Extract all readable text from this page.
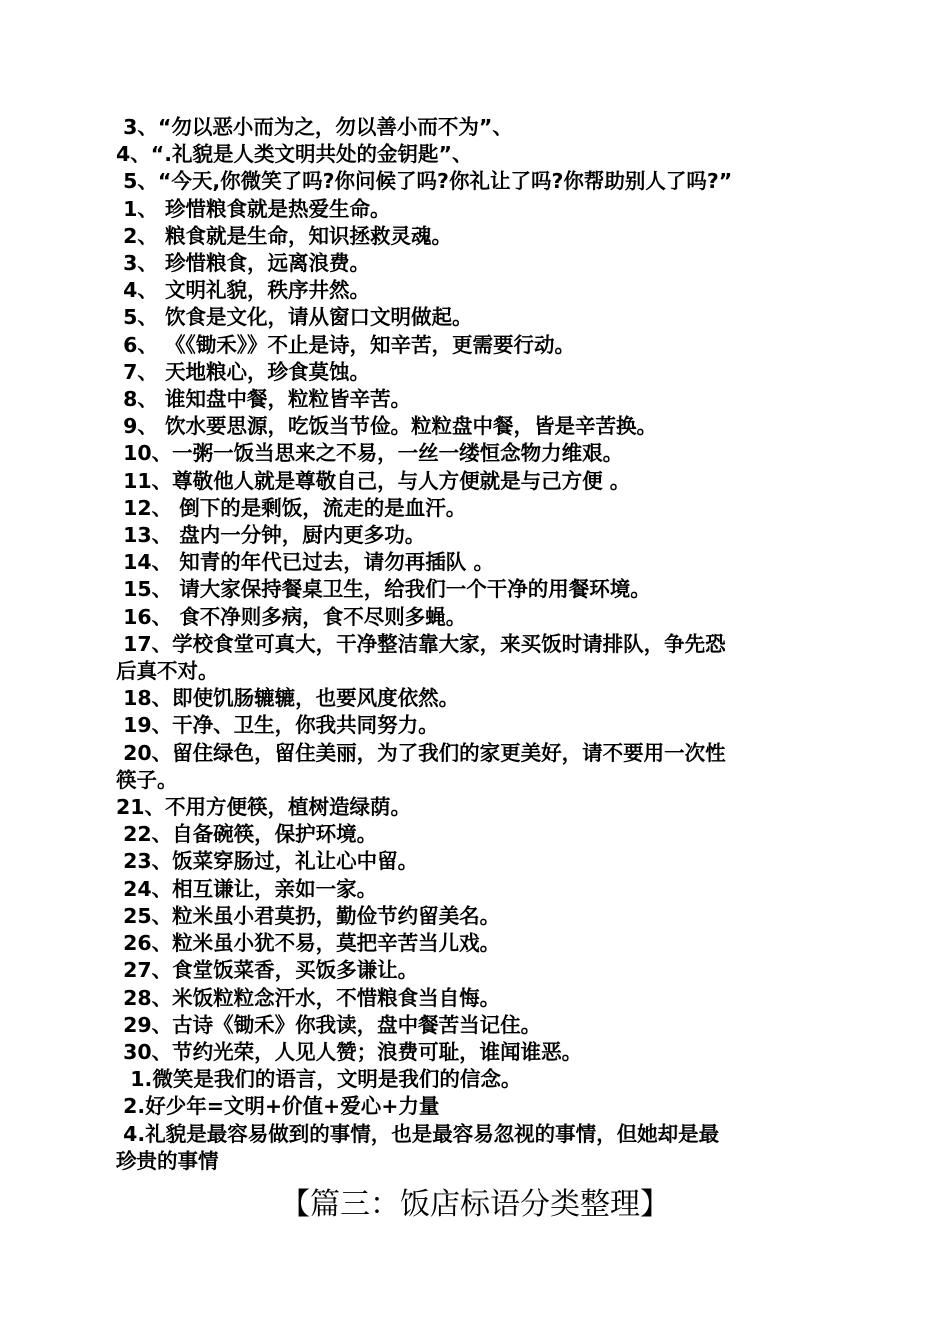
3、“勿以恶小而为之，勿以善小而不为”、
4、“.礼貌是人类文明共处的金钥匙”、
5、“今天,你微笑了吗?你问候了吗?你礼让了吗?你帮助别人了吗?”
1、 珍惜粮食就是热爱生命。
2、 粮食就是生命，知识拯救灵魂。
3、 珍惜粮食，远离浪费。
4、 文明礼貌，秩序井然。
5、 饮食是文化，请从窗口文明做起。
6、 《《锄禾》》不止是诗，知辛苦，更需要行动。
7、 天地粮心，珍食莫蚀。
8、 谁知盘中餐，粒粒皆辛苦。
9、 饮水要思源，吃饭当节俭。粒粒盘中餐，皆是辛苦换。
10、一粥一饭当思来之不易，一丝一缕恒念物力维艰。
11、尊敬他人就是尊敬自己，与人方便就是与己方便 。
12、 倒下的是剩饭，流走的是血汗。
13、 盘内一分钟，厨内更多功。
14、 知青的年代已过去，请勿再插队 。
15、 请大家保持餐桌卫生，给我们一个干净的用餐环境。
16、 食不净则多病，食不尽则多蝇。
17、学校食堂可真大，干净整洁靠大家，来买饭时请排队，争先恐
后真不对。
18、即使饥肠辘辘，也要风度依然。
19、干净、卫生，你我共同努力。
20、留住绿色，留住美丽，为了我们的家更美好，请不要用一次性
筷子。
21、不用方便筷，植树造绿荫。
22、自备碗筷，保护环境。
23、饭菜穿肠过，礼让心中留。
24、相互谦让，亲如一家。
25、粒米虽小君莫扔，勤俭节约留美名。
26、粒米虽小犹不易，莫把辛苦当儿戏。
27、食堂饭菜香，买饭多谦让。
28、米饭粒粒念汗水，不惜粮食当自悔。
29、古诗《锄禾》你我读，盘中餐苦当记住。
30、节约光荣，人见人赞；浪费可耻，谁闻谁恶。
1.微笑是我们的语言，文明是我们的信念。
2.好少年=文明+价值+爱心+力量
4.礼貌是最容易做到的事情，也是最容易忽视的事情，但她却是最
珍贵的事情
【篇三：饭店标语分类整理】
